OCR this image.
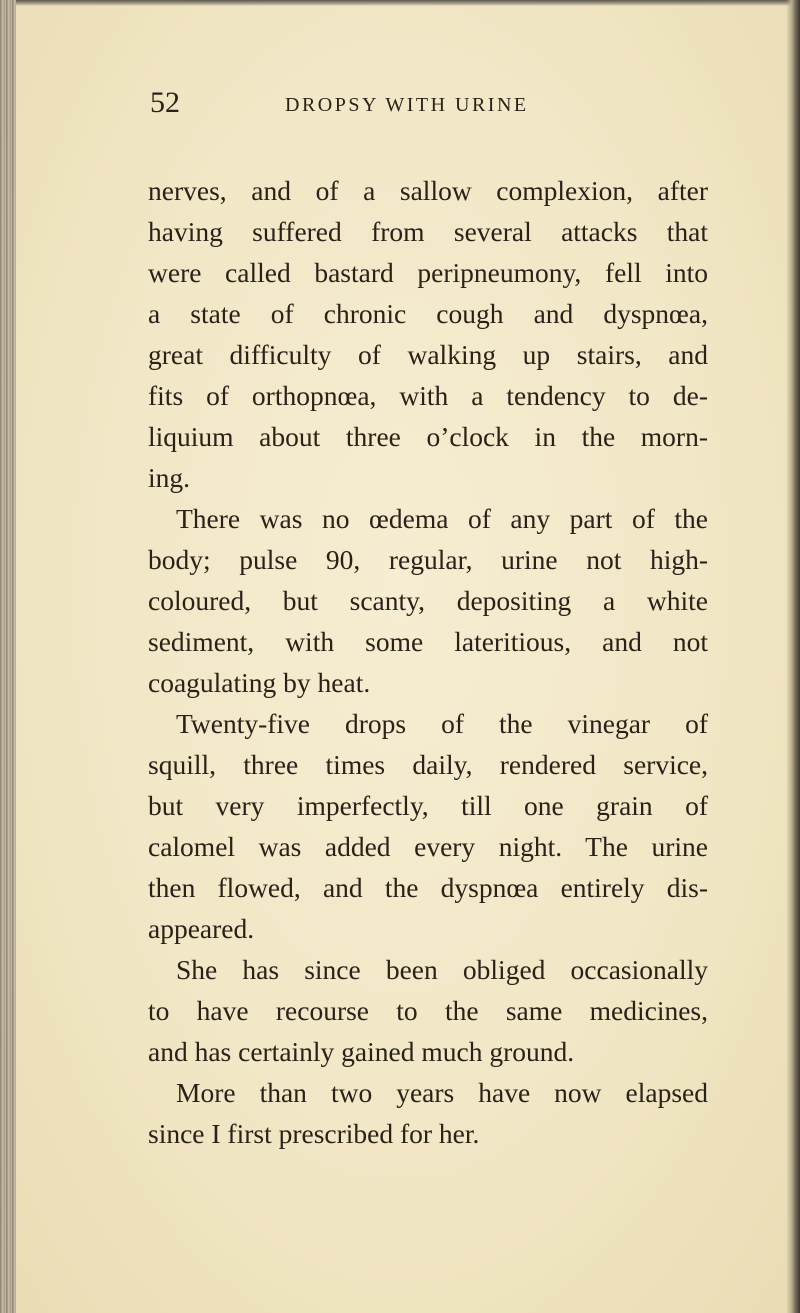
52	DROPSY WITH URINE
nerves, and of a sallow complexion, after
having suffered from several attacks that
were called bastard peripneumony, fell into
a state of chronic cough and dyspnœa,
great difficulty of walking up stairs, and
fits of orthopnœa, with a tendency to de-
liquium about three o’clock in the morn-
ing.
There was no œdema of any part of the
body; pulse 90, regular, urine not high-
coloured, but scanty, depositing a white
sediment, with some lateritious, and not
coagulating by heat.
Twenty-five drops of the vinegar of
squill, three times daily, rendered service,
but very imperfectly, till one grain of
calomel was added every night. The urine
then flowed, and the dyspnœa entirely dis-
appeared.
She has since been obliged occasionally
to have recourse to the same medicines,
and has certainly gained much ground.
More than two years have now elapsed
since I first prescribed for her.
